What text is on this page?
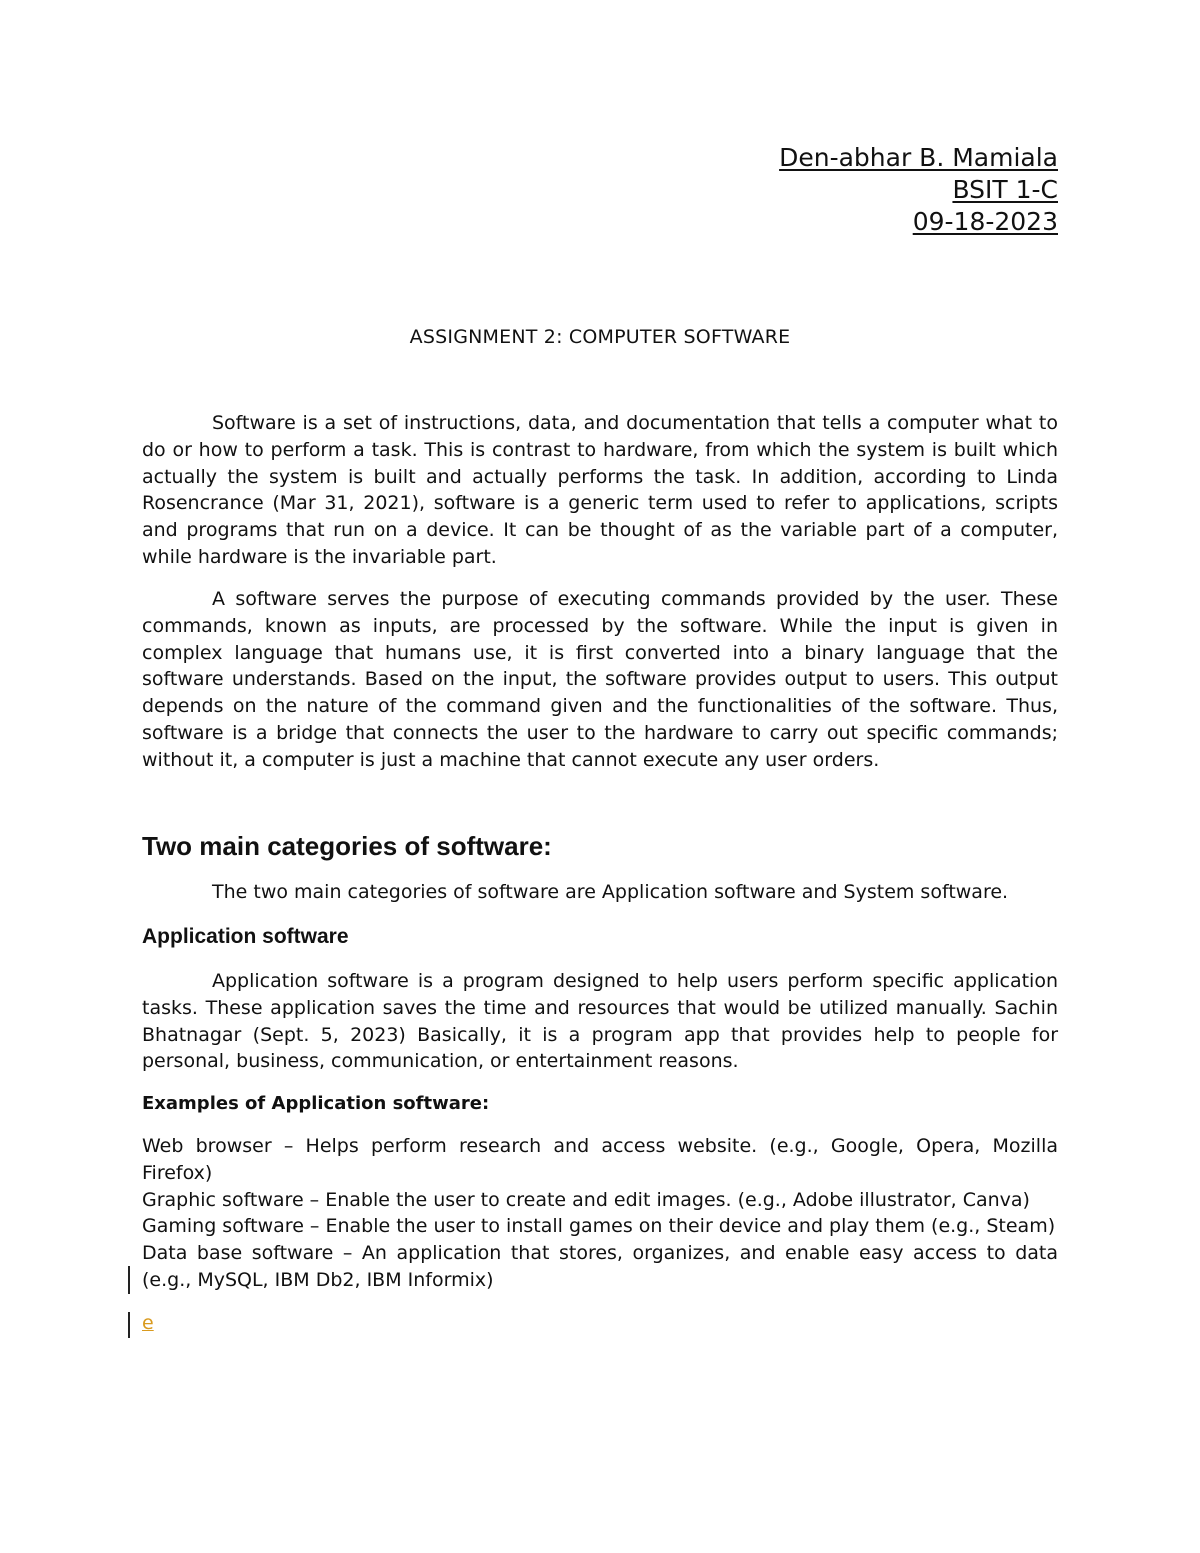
Den-abhar B. Mamiala
BSIT 1-C
09-18-2023
ASSIGNMENT 2: COMPUTER SOFTWARE

Software is a set of instructions, data, and documentation that tells a computer what to do or how to perform a task. This is contrast to hardware, from which the system is built which actually the system is built and actually performs the task. In addition, according to Linda Rosencrance (Mar 31, 2021), software is a generic term used to refer to applications, scripts and programs that run on a device. It can be thought of as the variable part of a computer, while hardware is the invariable part.

A software serves the purpose of executing commands provided by the user. These commands, known as inputs, are processed by the software. While the input is given in complex language that humans use, it is first converted into a binary language that the software understands. Based on the input, the software provides output to users. This output depends on the nature of the command given and the functionalities of the software. Thus, software is a bridge that connects the user to the hardware to carry out specific commands; without it, a computer is just a machine that cannot execute any user orders.

Two main categories of software:
The two main categories of software are Application software and System software.
Application software

Application software is a program designed to help users perform specific application tasks. These application saves the time and resources that would be utilized manually. Sachin Bhatnagar (Sept. 5, 2023) Basically, it is a program app that provides help to people for personal, business, communication, or entertainment reasons.

Examples of Application software:

Web browser – Helps perform research and access website. (e.g., Google, Opera, Mozilla Firefox)

Graphic software – Enable the user to create and edit images. (e.g., Adobe illustrator, Canva)

Gaming software – Enable the user to install games on their device and play them (e.g., Steam)

Data base software – An application that stores, organizes, and enable easy access to data (e.g., MySQL, IBM Db2, IBM Informix)

e
